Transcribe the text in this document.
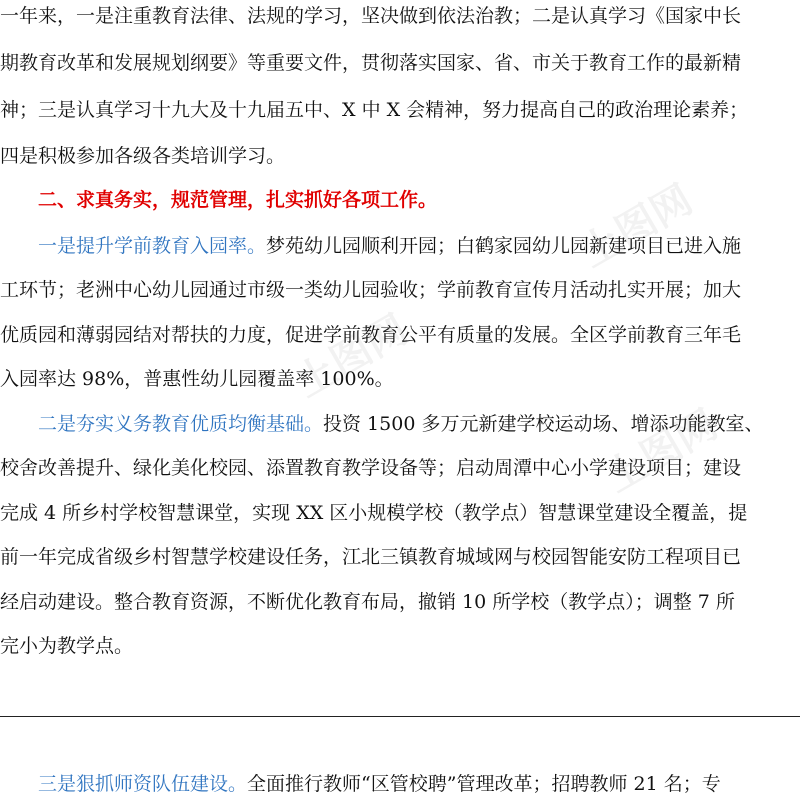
上图网
上图网
上图网
一年来，一是注重教育法律、法规的学习，坚决做到依法治教；二是认真学习《国家中长
期教育改革和发展规划纲要》等重要文件，贯彻落实国家、省、市关于教育工作的最新精
神；三是认真学习十九大及十九届五中、X 中 X 会精神，努力提高自己的政治理论素养；
四是积极参加各级各类培训学习。
二、求真务实，规范管理，扎实抓好各项工作。
一是提升学前教育入园率。梦苑幼儿园顺利开园；白鹤家园幼儿园新建项目已进入施
工环节；老洲中心幼儿园通过市级一类幼儿园验收；学前教育宣传月活动扎实开展；加大
优质园和薄弱园结对帮扶的力度，促进学前教育公平有质量的发展。全区学前教育三年毛
入园率达 98%，普惠性幼儿园覆盖率 100%。
二是夯实义务教育优质均衡基础。投资 1500 多万元新建学校运动场、增添功能教室、
校舍改善提升、绿化美化校园、添置教育教学设备等；启动周潭中心小学建设项目；建设
完成 4 所乡村学校智慧课堂，实现 XX 区小规模学校（教学点）智慧课堂建设全覆盖，提
前一年完成省级乡村智慧学校建设任务，江北三镇教育城域网与校园智能安防工程项目已
经启动建设。整合教育资源，不断优化教育布局，撤销 10 所学校（教学点）；调整 7 所
完小为教学点。
三是狠抓师资队伍建设。全面推行教师“区管校聘”管理改革；招聘教师 21 名；专
